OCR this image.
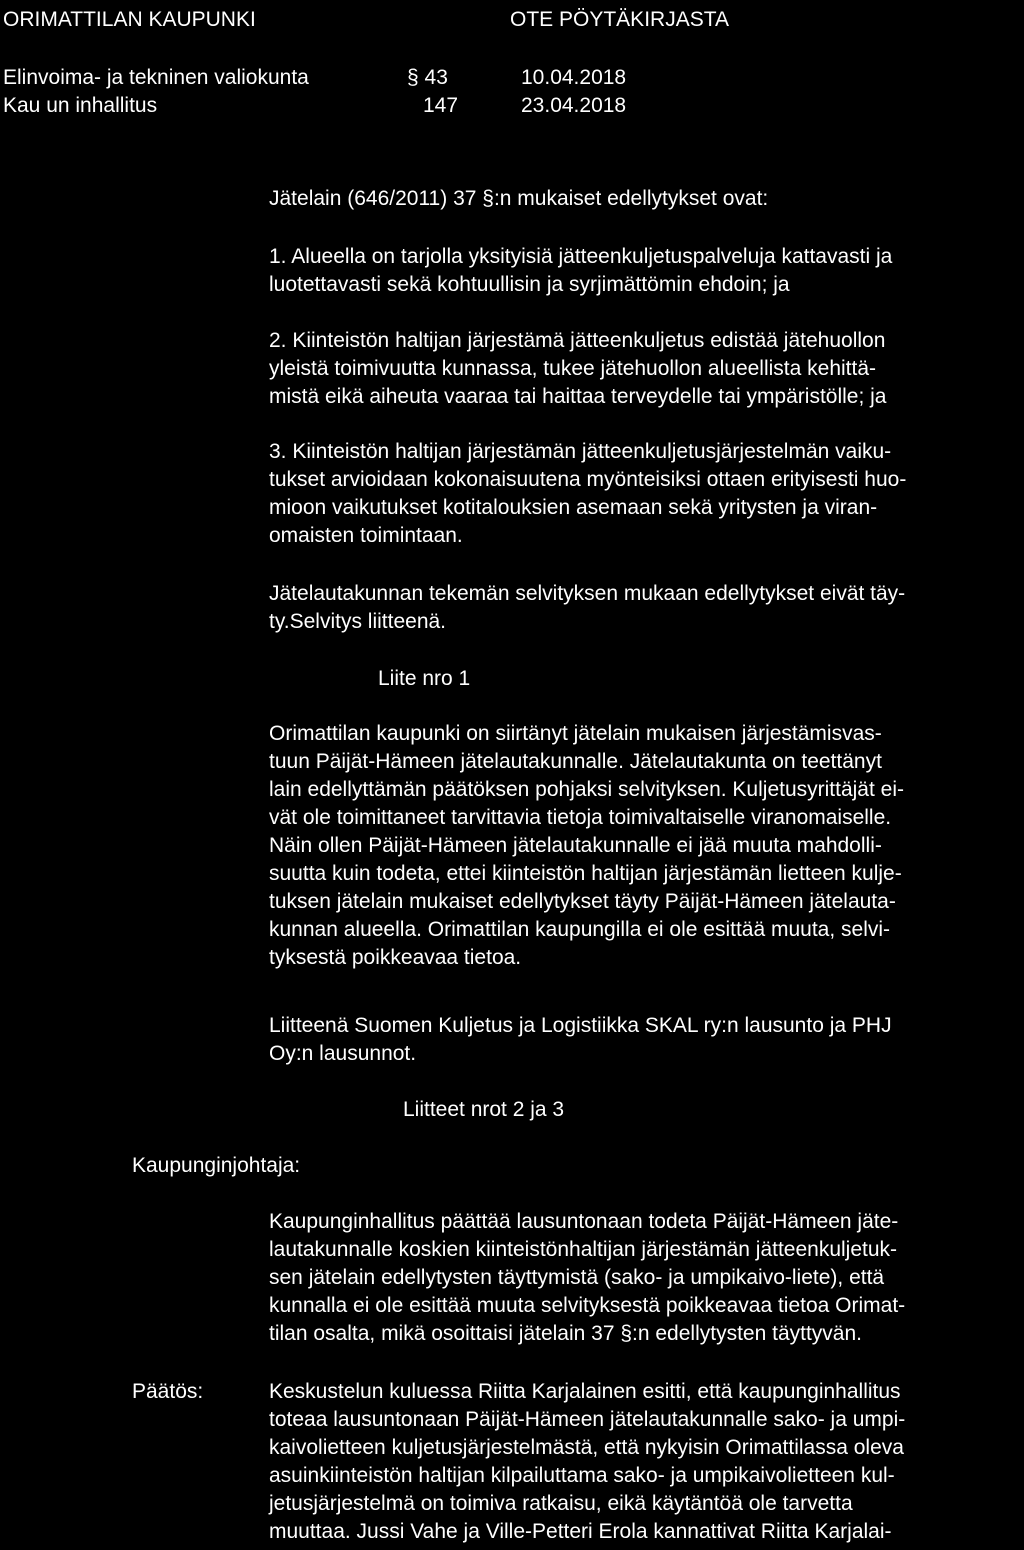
ORIMATTILAN KAUPUNKI	OTE PÖYTÄKIRJASTA
Elinvoima- ja tekninen valiokunta	§ 43	10.04.2018
Kau un inhallitus	147	23.04.2018
Jätelain (646/2011) 37 §:n mukaiset edellytykset ovat:
1. Alueella on tarjolla yksityisiä jätteenkuljetuspalveluja kattavasti ja
luotettavasti sekä kohtuullisin ja syrjimättömin ehdoin; ja
2. Kiinteistön haltijan järjestämä jätteenkuljetus edistää jätehuollon
yleistä toimivuutta kunnassa, tukee jätehuollon alueellista kehittä-
mistä eikä aiheuta vaaraa tai haittaa terveydelle tai ympäristölle; ja
3. Kiinteistön haltijan järjestämän jätteenkuljetusjärjestelmän vaiku-
tukset arvioidaan kokonaisuutena myönteisiksi ottaen erityisesti huo-
mioon vaikutukset kotitalouksien asemaan sekä yritysten ja viran-
omaisten toimintaan.
Jätelautakunnan tekemän selvityksen mukaan edellytykset eivät täy-
ty.Selvitys liitteenä.
Liite nro 1
Orimattilan kaupunki on siirtänyt jätelain mukaisen järjestämisvas-
tuun Päijät-Hämeen jätelautakunnalle. Jätelautakunta on teettänyt
lain edellyttämän päätöksen pohjaksi selvityksen. Kuljetusyrittäjät ei-
vät ole toimittaneet tarvittavia tietoja toimivaltaiselle viranomaiselle.
Näin ollen Päijät-Hämeen jätelautakunnalle ei jää muuta mahdolli-
suutta kuin todeta, ettei kiinteistön haltijan järjestämän lietteen kulje-
tuksen jätelain mukaiset edellytykset täyty Päijät-Hämeen jätelauta-
kunnan alueella. Orimattilan kaupungilla ei ole esittää muuta, selvi-
tyksestä poikkeavaa tietoa.
Liitteenä Suomen Kuljetus ja Logistiikka SKAL ry:n lausunto ja PHJ
Oy:n lausunnot.
Liitteet nrot 2 ja 3
Kaupunginjohtaja:
Kaupunginhallitus päättää lausuntonaan todeta Päijät-Hämeen jäte-
lautakunnalle koskien kiinteistönhaltijan järjestämän jätteenkuljetuk-
sen jätelain edellytysten täyttymistä (sako- ja umpikaivo-liete), että
kunnalla ei ole esittää muuta selvityksestä poikkeavaa tietoa Orimat-
tilan osalta, mikä osoittaisi jätelain 37 §:n edellytysten täyttyvän.
Päätös:	Keskustelun kuluessa Riitta Karjalainen esitti, että kaupunginhallitus
toteaa lausuntonaan Päijät-Hämeen jätelautakunnalle sako- ja umpi-
kaivolietteen kuljetusjärjestelmästä, että nykyisin Orimattilassa oleva
asuinkiinteistön haltijan kilpailuttama sako- ja umpikaivolietteen kul-
jetusjärjestelmä on toimiva ratkaisu, eikä käytäntöä ole tarvetta
muuttaa. Jussi Vahe ja Ville-Petteri Erola kannattivat Riitta Karjalai-
